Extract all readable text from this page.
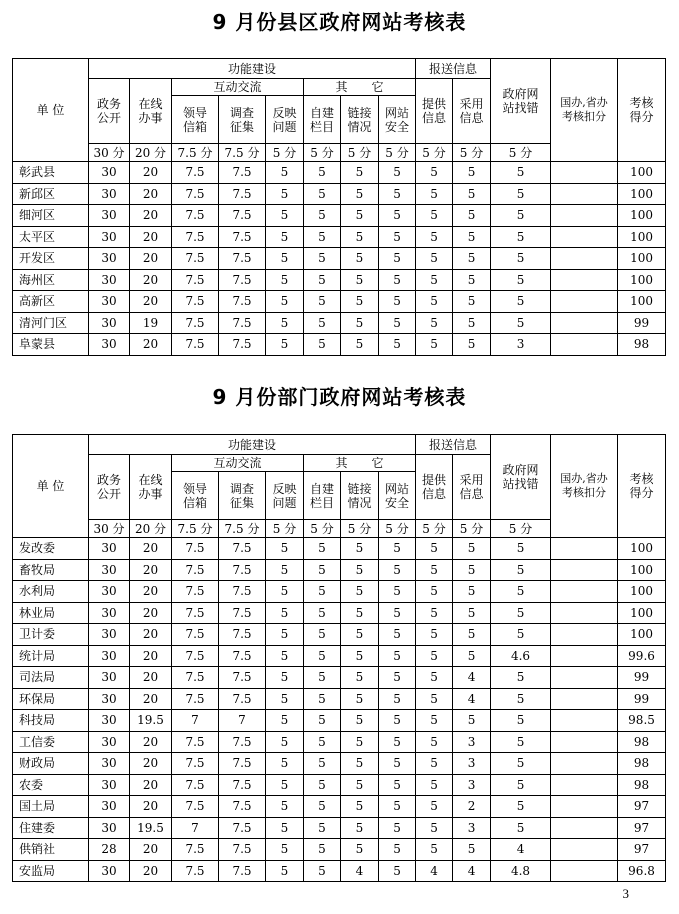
9 月份县区政府网站考核表
9 月份部门政府网站考核表
单 位	功能建设								报送信息		政府网站找错	国办,省办考核扣分	考核得分
	政务公开	在线办事	互动交流			其　　它			提供信息	采用信息			
			领导信箱	调查征集	反映问题	自建栏目	链接情况	网站安全					
	30 分	20 分	7.5 分	7.5 分	5 分	5 分	5 分	5 分	5 分	5 分	5 分		
彰武县	30	20	7.5	7.5	5	5	5	5	5	5	5		100
新邱区	30	20	7.5	7.5	5	5	5	5	5	5	5		100
细河区	30	20	7.5	7.5	5	5	5	5	5	5	5		100
太平区	30	20	7.5	7.5	5	5	5	5	5	5	5		100
开发区	30	20	7.5	7.5	5	5	5	5	5	5	5		100
海州区	30	20	7.5	7.5	5	5	5	5	5	5	5		100
高新区	30	20	7.5	7.5	5	5	5	5	5	5	5		100
清河门区	30	19	7.5	7.5	5	5	5	5	5	5	5		99
阜蒙县	30	20	7.5	7.5	5	5	5	5	5	5	3		98
单 位	功能建设								报送信息		政府网站找错	国办,省办考核扣分	考核得分
	政务公开	在线办事	互动交流			其　　它			提供信息	采用信息			
			领导信箱	调查征集	反映问题	自建栏目	链接情况	网站安全					
	30 分	20 分	7.5 分	7.5 分	5 分	5 分	5 分	5 分	5 分	5 分	5 分		
发改委	30	20	7.5	7.5	5	5	5	5	5	5	5		100
畜牧局	30	20	7.5	7.5	5	5	5	5	5	5	5		100
水利局	30	20	7.5	7.5	5	5	5	5	5	5	5		100
林业局	30	20	7.5	7.5	5	5	5	5	5	5	5		100
卫计委	30	20	7.5	7.5	5	5	5	5	5	5	5		100
统计局	30	20	7.5	7.5	5	5	5	5	5	5	4.6		99.6
司法局	30	20	7.5	7.5	5	5	5	5	5	4	5		99
环保局	30	20	7.5	7.5	5	5	5	5	5	4	5		99
科技局	30	19.5	7	7	5	5	5	5	5	5	5		98.5
工信委	30	20	7.5	7.5	5	5	5	5	5	3	5		98
财政局	30	20	7.5	7.5	5	5	5	5	5	3	5		98
农委	30	20	7.5	7.5	5	5	5	5	5	3	5		98
国土局	30	20	7.5	7.5	5	5	5	5	5	2	5		97
住建委	30	19.5	7	7.5	5	5	5	5	5	3	5		97
供销社	28	20	7.5	7.5	5	5	5	5	5	5	4		97
安监局	30	20	7.5	7.5	5	5	4	5	4	4	4.8		96.8
3
